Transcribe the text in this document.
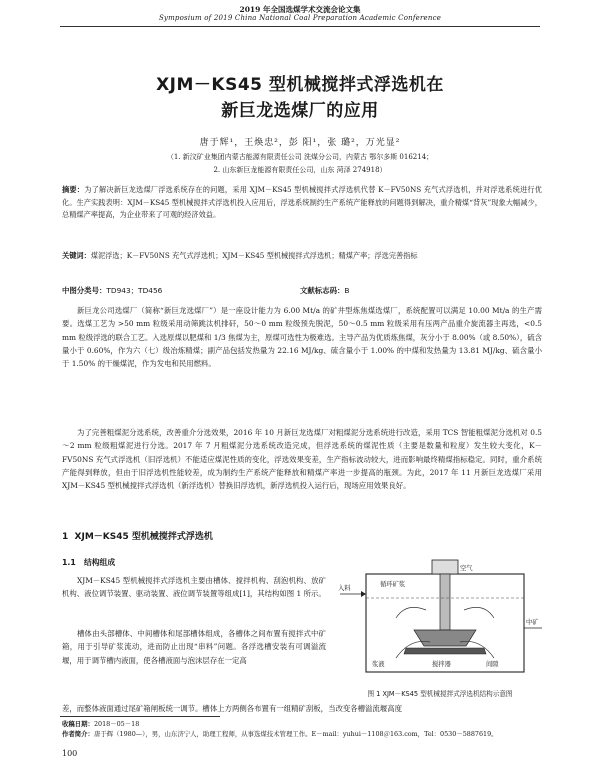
2019 年全国选煤学术交流会论文集
Symposium of 2019 China National Coal Preparation Academic Conference
XJM－KS45 型机械搅拌式浮选机在
新巨龙选煤厂的应用
唐于辉¹，王焕忠²，彭 阳¹，张 璐²，万光显²
（1. 新汶矿业集团内蒙古能源有限责任公司 洗煤分公司，内蒙古 鄂尔多斯 016214；
2. 山东新巨龙能源有限责任公司，山东 菏泽 274918）
摘要：为了解决新巨龙选煤厂浮选系统存在的问题，采用 XJM－KS45 型机械搅拌式浮选机代替 K－FV50NS 充气式浮选机，并对浮选系统进行优化。生产实践表明：XJM－KS45 型机械搅拌式浮选机投入应用后，浮选系统制约生产系统产能释放的问题得到解决，重介精煤“背灰”现象大幅减少，总精煤产率提高，为企业带来了可观的经济效益。
关键词：煤泥浮选；K－FV50NS 充气式浮选机；XJM－KS45 型机械搅拌式浮选机；精煤产率；浮选完善指标
中图分类号：TD943；TD456	文献标志码：B
新巨龙公司选煤厂（简称“新巨龙选煤厂”）是一座设计能力为 6.00 Mt/a 的矿井型炼焦煤选煤厂，系统配置可以满足 10.00 Mt/a 的生产需要。选煤工艺为 >50 mm 粒级采用动筛跳汰机排矸，50～0 mm 粒级预先脱泥，50～0.5 mm 粒级采用有压两产品重介旋流器主再选，<0.5 mm 粒级浮选的联合工艺。入选原煤以肥煤和 1/3 焦煤为主，原煤可选性为极难选。主导产品为优质炼焦煤，灰分小于 8.00%（或 8.50%），硫含量小于 0.60%，作为六（七）级冶炼精煤；副产品包括发热量为 22.16 MJ/kg、硫含量小于 1.00% 的中煤和发热量为 13.81 MJ/kg、硫含量小于 1.50% 的干燥煤泥，作为发电和民用燃料。
为了完善粗煤泥分选系统，改善重介分选效果，2016 年 10 月新巨龙选煤厂对粗煤泥分选系统进行改造，采用 TCS 智能粗煤泥分选机对 0.5～2 mm 粒级粗煤泥进行分选。2017 年 7 月粗煤泥分选系统改造完成，但浮选系统的煤泥性质（主要是数量和粒度）发生较大变化，K－FV50NS 充气式浮选机（旧浮选机）不能适应煤泥性质的变化，浮选效果变差，生产指标波动较大，进而影响最终精煤指标稳定。同时，重介系统产能得到释放，但由于旧浮选机性能较差，成为制约生产系统产能释放和精煤产率进一步提高的瓶颈。为此，2017 年 11 月新巨龙选煤厂采用 XJM－KS45 型机械搅拌式浮选机（新浮选机）替换旧浮选机，新浮选机投入运行后，现场应用效果良好。
1 XJM－KS45 型机械搅拌式浮选机
1.1 结构组成
XJM－KS45 型机械搅拌式浮选机主要由槽体、搅拌机构、刮泡机构、放矿机构、液位调节装置、驱动装置、液位调节装置等组成[1]，其结构如图 1 所示。
槽体由头部槽体、中间槽体和尾部槽体组成，各槽体之间布置有搅拌式中矿箱，用于引导矿浆流动，进而防止出现“串料”问题。各浮选槽安装有可调溢流堰，用于调节槽内液面，使各槽液面与泡沫层存在一定高
入料
循环矿浆
中矿
空气
浆液	搅拌器	间隙
图 1 XJM－KS45 型机械搅拌式浮选机结构示意图
差，而整体液面通过尾矿箱闸板统一调节。槽体上方两侧各布置有一组精矿刮板，当改变各槽溢流堰高度
收稿日期：2018－05－18
作者简介：唐于辉（1980—），男，山东济宁人，助理工程师，从事选煤技术管理工作。E－mail：yuhui－1108＠163.com，Tel：0530－5887619。
100
